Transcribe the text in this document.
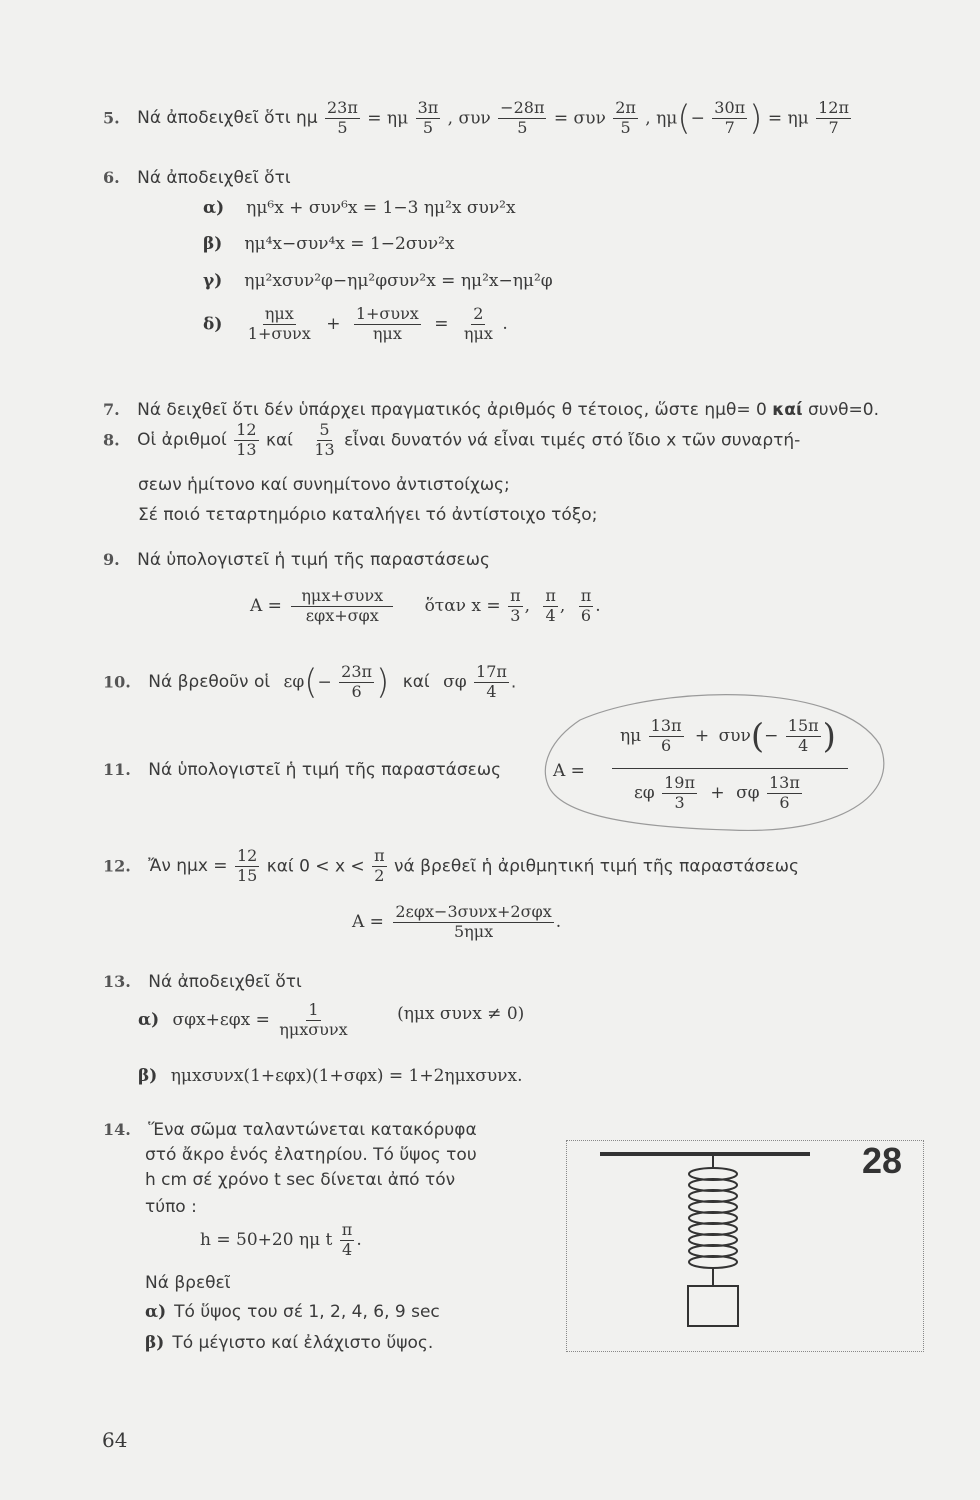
5. Νά ἀποδειχθεῖ ὅτι ημ $\frac{23\pi}{5} = \eta\mu \frac{3\pi}{5}$ , συν $\frac{-28\pi}{5} = \sigma\upsilon\nu \frac{2\pi}{5}$ , $\eta\mu(- \frac{30\pi}{7}$ ) = ημ $\frac{12\pi}{7}$
6. Νά ἀποδειχθεῖ ὅτι
α) ημ⁶x + συν⁶x = 1−3 ημ²x συν²x
β) ημ⁴x−συν⁴x = 1−2συν²x
γ) ημ²xσυν²φ−ημ²φσυν²x = ημ²x−ημ²φ
$\delta) \frac{\text{ημx}}{\text{1+συνx}} + \frac{\text{1+συνx}}{\text{ημx}} = \frac{2}{\text{ημx}}$ .
7. Νά δειχθεῖ ὅτι δέν ὑπάρχει πραγματικός ἀριθμός θ τέτοιος, ὥστε ημθ= 0 καί συνθ=0.
8. Οἱ ἀριθμοί $\frac{12}{13}$ καί $\frac{5}{13}$ εἶναι δυνατόν νά εἶναι τιμές στό ἴδιο x τῶν συναρτή-
σεων ἡμίτονο καί συνημίτονο ἀντιστοίχως;
Σέ ποιό τεταρτημόριο καταλήγει τό ἀντίστοιχο τόξο;
9. Νά ὑπολογιστεῖ ἡ τιμή τῆς παραστάσεως
$A = \frac{\text{ημx+συνx}}{\text{εφx+σφx}}$ ὅταν $x = \frac{\pi}{3}$ , $\frac{\pi}{4}$ , $\frac{\pi}{6}$ .
10. Νά βρεθοῦν οἱ $\varepsilon\varphi(- \frac{23\pi}{6}$ ) καί σφ $\frac{17\pi}{4}$ .
11. Νά ὑπολογιστεῖ ἡ τιμή τῆς παραστάσεως	A =
ημ $\frac{13\pi}{6} + \sigma\upsilon\nu(- \frac{15\pi}{4}$ )
εφ $\frac{19\pi}{3} + \sigma\varphi \frac{13\pi}{6}$
12. Ἄν $\eta\mu x = \frac{12}{15}$ καί $0 < x < \frac{\pi}{2}$ νά βρεθεῖ ἡ ἀριθμητική τιμή τῆς παραστάσεως
$A = \frac{\text{2εφx−3συνx+2σφx}}{\text{5ημx}}$ .
13. Νά ἀποδειχθεῖ ὅτι
α) $\sigma\varphi x+\varepsilon\varphi x = \frac{1}{\text{ημxσυνx}}$	(ημx συνx ≠ 0)
β) ημxσυνx(1+εφx)(1+σφx) = 1+2ημxσυνx.
14. Ἕνα σῶμα ταλαντώνεται κατακόρυφα
στό ἄκρο ἑνός ἐλατηρίου. Τό ὕψος του
h cm σέ χρόνο t sec δίνεται ἀπό τόν
τύπο :
h = 50+20 ημ t $\frac{\pi}{4}$ .
Νά βρεθεῖ
α) Τό ὕψος του σέ 1, 2, 4, 6, 9 sec
β) Τό μέγιστο καί ἐλάχιστο ὕψος.
28
64
